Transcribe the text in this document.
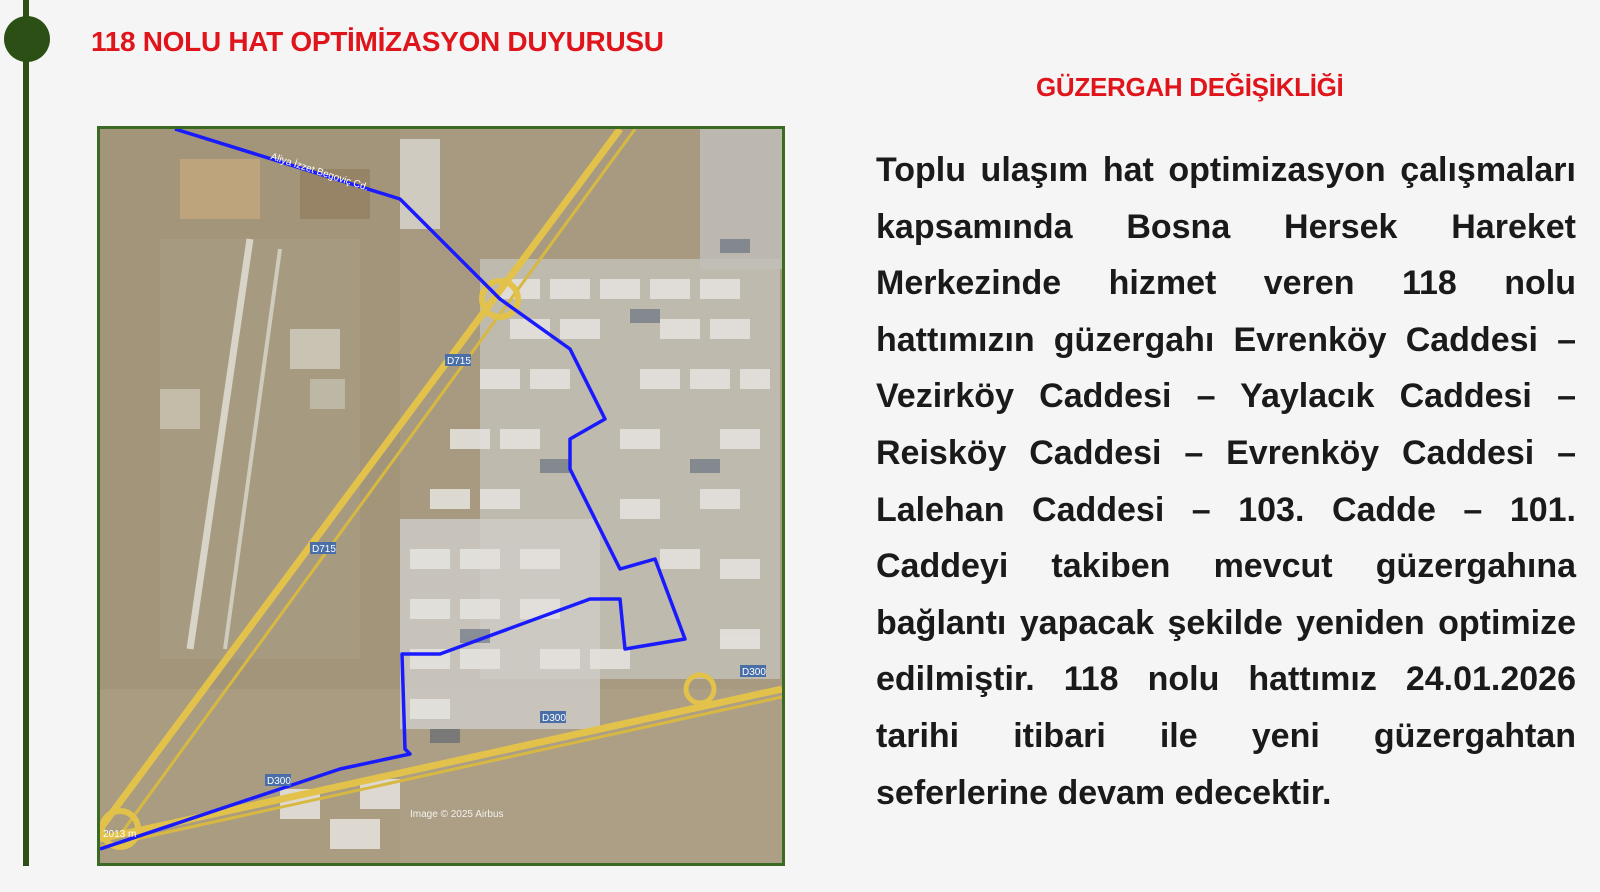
118 NOLU HAT OPTİMİZASYON DUYURUSU
GÜZERGAH DEĞİŞİKLİĞİ
D715
D715
D300
D300
D300
Aliya İzzet Begoviç Cd.
Image © 2025 Airbus
2013 m
Toplu ulaşım hat optimizasyon çalışmaları kapsamında Bosna Hersek Hareket Merkezinde hizmet veren 118 nolu hattımızın güzergahı Evrenköy Caddesi – Vezirköy Caddesi – Yaylacık Caddesi – Reisköy Caddesi – Evrenköy Caddesi –Lalehan Caddesi – 103. Cadde – 101. Caddeyi takiben mevcut güzergahına bağlantı yapacak şekilde yeniden optimize edilmiştir. 118 nolu hattımız 24.01.2026 tarihi itibari ile yeni güzergahtan seferlerine devam edecektir.
